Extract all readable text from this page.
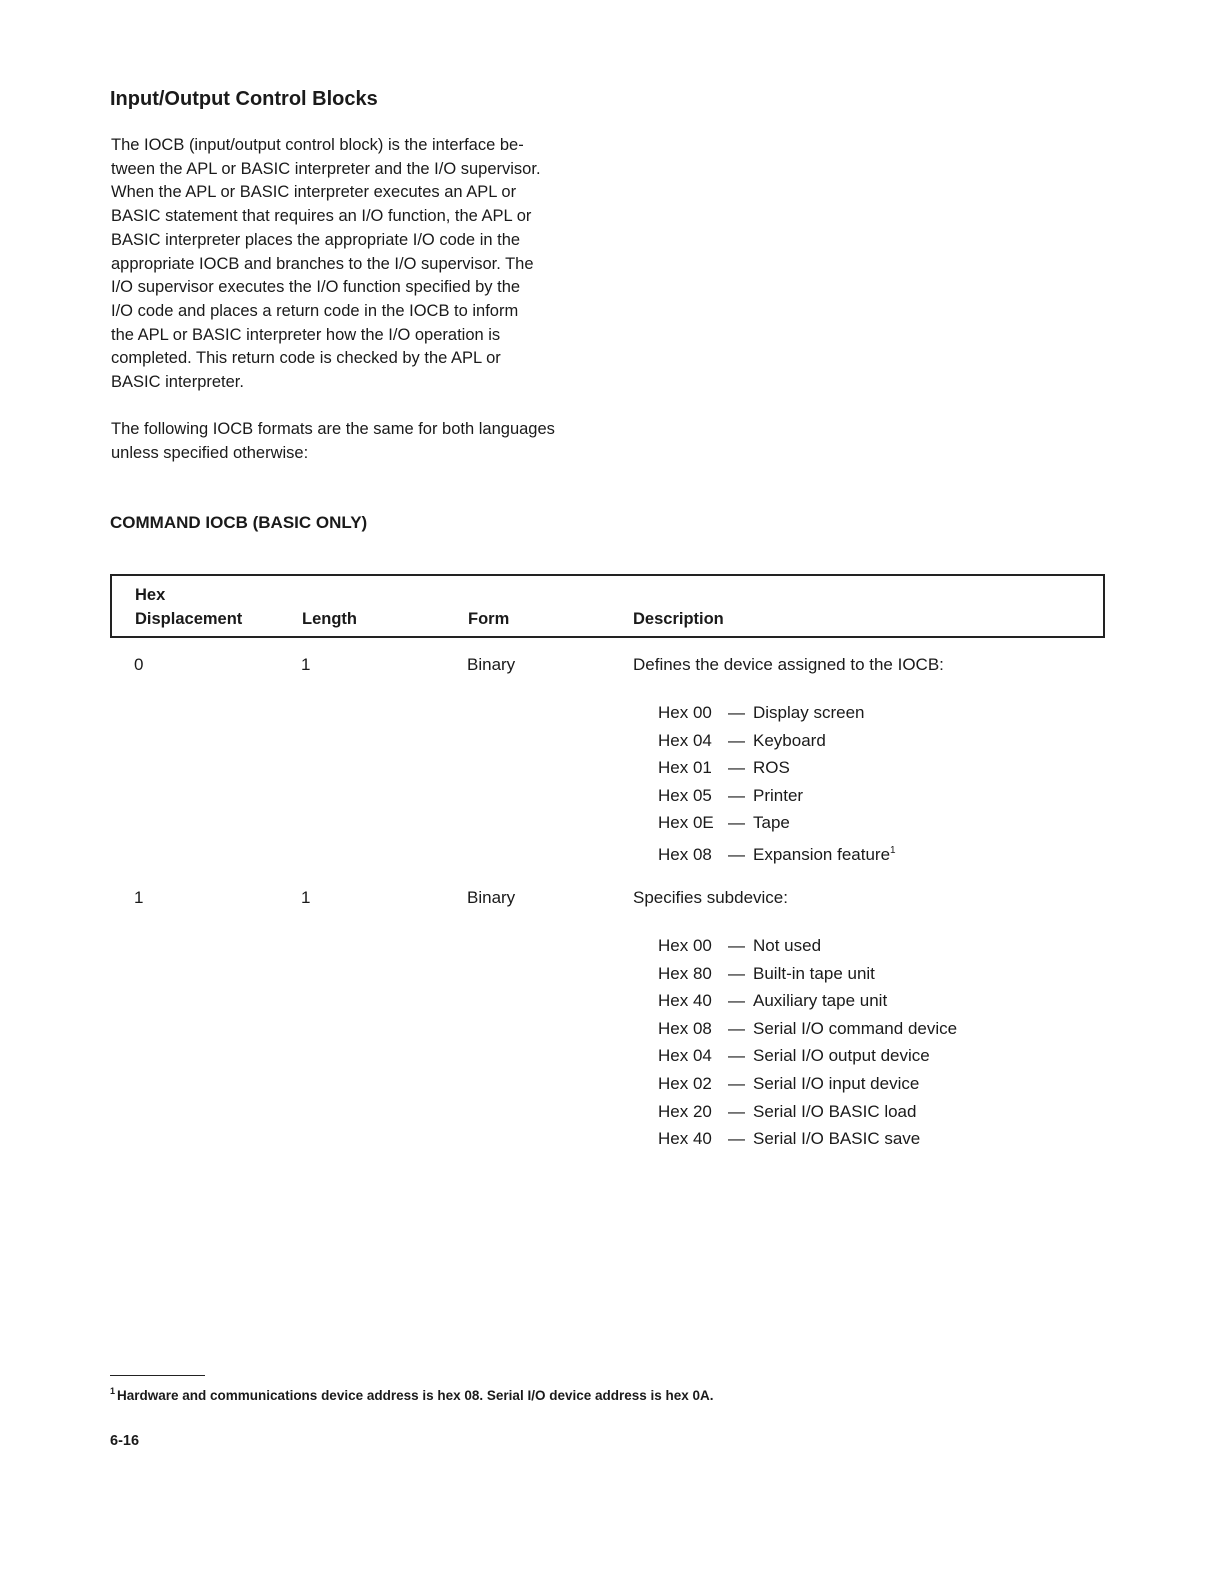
Input/Output Control Blocks
The IOCB (input/output control block) is the interface be-
tween the APL or BASIC interpreter and the I/O supervisor.
When the APL or BASIC interpreter executes an APL or
BASIC statement that requires an I/O function, the APL or
BASIC interpreter places the appropriate I/O code in the
appropriate IOCB and branches to the I/O supervisor. The
I/O supervisor executes the I/O function specified by the
I/O code and places a return code in the IOCB to inform
the APL or BASIC interpreter how the I/O operation is
completed. This return code is checked by the APL or
BASIC interpreter.
The following IOCB formats are the same for both languages
unless specified otherwise:
COMMAND IOCB (BASIC ONLY)
Hex
Displacement	Length	Form	Description
0	1	Binary	Defines the device assigned to the IOCB:
Hex 00 — Display screen
Hex 04 — Keyboard
Hex 01 — ROS
Hex 05 — Printer
Hex 0E — Tape
Hex 08 — Expansion feature$^1$
1	1	Binary	Specifies subdevice:
Hex 00 — Not used
Hex 80 — Built-in tape unit
Hex 40 — Auxiliary tape unit
Hex 08 — Serial I/O command device
Hex 04 — Serial I/O output device
Hex 02 — Serial I/O input device
Hex 20 — Serial I/O BASIC load
Hex 40 — Serial I/O BASIC save
$^1$ Hardware and communications device address is hex 08. Serial I/O device address is hex 0A.
6-16
